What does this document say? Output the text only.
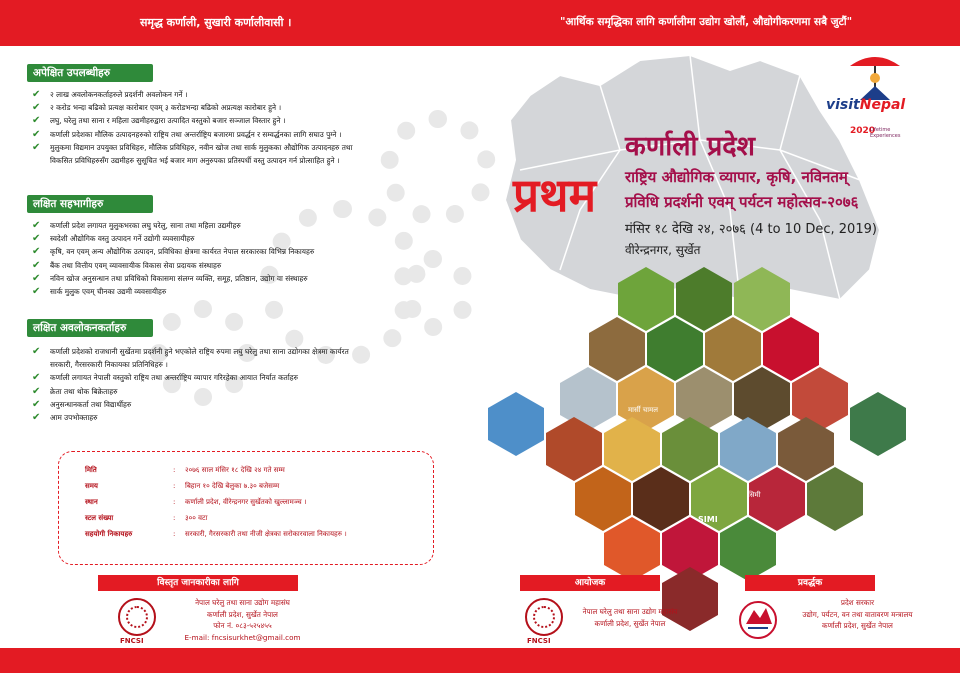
समृद्ध कर्णाली, सुखारी कर्णालीवासी ।	"आर्थिक समृद्धिका लागि कर्णालीमा उद्योग खोलौं, औद्योगीकरणमा सबै जुटौं"
visitNepal
2020
Lifetime
Experiences
प्रथम
कर्णाली प्रदेश
राष्ट्रिय औद्योगिक व्यापार, कृषि, नविनतम्
प्रविधि प्रदर्शनी एवम् पर्यटन महोत्सव-२०७६
मंसिर १८ देखि २४, २०७६ (4 to 10 Dec, 2019)
वीरेन्द्रनगर, सुर्खेत
मार्सी चामल
SIMI
सिमी
अपेक्षित उपलब्धीहरु
✔ २ लाख अवलोकनकर्ताहरुले प्रदर्शनी अवलोकन गर्ने ।
✔ २ करोड भन्दा बढिको प्रत्यक्ष कारोबार एवम् ३ करोडभन्दा बढिको अप्रत्यक्ष कारोबार हुने ।
✔ लघु, घरेलु तथा साना र महिला उद्यमीहरुद्वारा उत्पादित वस्तुको बजार सञ्जाल विस्तार हुने ।
✔ कर्णाली प्रदेशका मौलिक उत्पादनहरुको राष्ट्रिय तथा अन्तर्राष्ट्रिय बजारमा प्रवर्द्धन र सम्वर्द्धनका लागि सघाउ पुग्ने ।
✔ मुलुकमा विद्यमान उपयुक्त प्रविधिहरु, मौलिक प्रविधिहरु, नवीन खोज तथा सार्क मुलुकका औद्योगिक उत्पादनहरु तथा
विकसित प्रविधिहरुसँग उद्यमीहरु सुसूचित भई बजार माग अनुरुपका प्रतिस्पर्धी वस्तु उत्पादन गर्न प्रोत्साहित हुने ।
लक्षित सहभागीहरु
✔ कर्णाली प्रदेश लगायत मुलुकभरका लघु घरेलु, साना तथा महिला उद्यमीहरु
✔ स्वदेशी औद्योगिक वस्तु उत्पादन गर्ने उद्योगी व्यवसायीहरु
✔ कृषि, वन एवम् अन्य औद्योगिक उत्पादन, प्रविधिका क्षेत्रमा कार्यरत नेपाल सरकारका विभिन्न निकायहरु
✔ बैंक तथा वित्तीय एवम् व्यावसायीक विकास सेवा प्रदायक संस्थाहरु
✔ नविन खोज अनुसन्धान तथा प्रविधिको विकासमा संलग्न व्यक्ति, समूह, प्रतिष्ठान, उद्योग वा संस्थाहरु
✔ सार्क मुलुक एवम् चीनका उद्यमी व्यवसायीहरु
लक्षित अवलोकनकर्ताहरु
✔ कर्णाली प्रदेशको राजधानी सुर्खेतमा प्रदर्शनी हुने भएकोले राष्ट्रिय रुपमा लघु घरेलु तथा साना उद्योगका क्षेत्रमा कार्यरत
सरकारी, गैरसरकारी निकायका प्रतिनिधिहरु ।
✔ कर्णाली लगायत नेपाली वस्तुको राष्ट्रिय तथा अन्तर्राष्ट्रिय व्यापार गरिरहेका आयात निर्यात कर्ताहरु
✔ क्रेता तथा थोक बिक्रेताहरु
✔ अनुसन्धानकर्ता तथा विद्यार्थीहरु
✔ आम उपभोक्ताहरु
मिति	: २०७६ साल मंसिर १८ देखि २४ गते सम्म
समय	: बिहान १० देखि बेलुका ७.३० बजेसम्म
स्थान	: कर्णाली प्रदेश, वीरेन्द्रनगर सुर्खेतको खुल्लामञ्च ।
स्टल संख्या	: ३०० वटा
सहयोगी निकायहरु	: सरकारी, गैरसरकारी तथा नीजी क्षेत्रका सरोकारवाला निकायहरु ।
विस्तृत जानकारीका लागि
FNCSI
नेपाल घरेलु तथा साना उद्योग महासंघ
कर्णाली प्रदेश, सुर्खेत नेपाल
फोन नं. ०८३-५२५४५५
E-mail: fncsisurkhet@gmail.com
आयोजक
FNCSI
नेपाल घरेलु तथा साना उद्योग महासंघ
कर्णाली प्रदेश, सुर्खेत नेपाल
प्रवर्द्धक
प्रदेश सरकार
उद्योग, पर्यटन, वन तथा वातावरण मन्त्रालय
कर्णाली प्रदेश, सुर्खेत नेपाल
